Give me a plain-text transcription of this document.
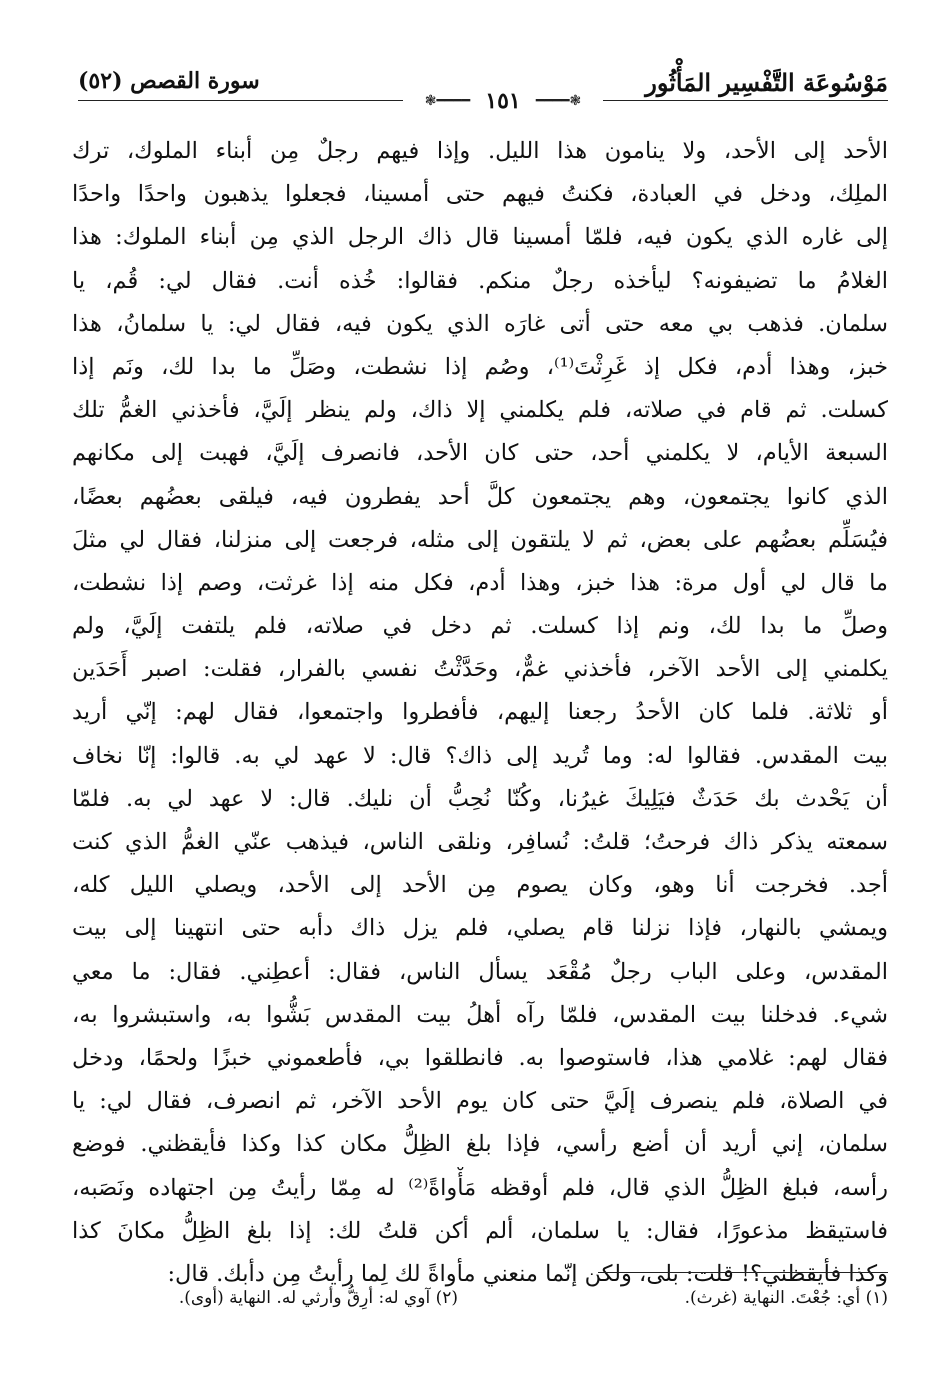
مَوْسُوعَة التَّفْسِير المَأْثُور
سورة القصص (٥٢)
❃━━━━ ١٥١ ━━━━❃
الأحد إلى الأحد، ولا ينامون هذا الليل. وإذا فيهم رجلٌ مِن أبناء الملوك، ترك
الملِك، ودخل في العبادة، فكنتُ فيهم حتى أمسينا، فجعلوا يذهبون واحدًا واحدًا
إلى غاره الذي يكون فيه، فلمّا أمسينا قال ذاك الرجل الذي مِن أبناء الملوك: هذا
الغلامُ ما تضيفونه؟ ليأخذه رجلٌ منكم. فقالوا: خُذه أنت. فقال لي: قُم، يا
سلمان. فذهب بي معه حتى أتى غارَه الذي يكون فيه، فقال لي: يا سلمانُ، هذا
خبز، وهذا أدم، فكل إذ غَرِثْتَ⁽¹⁾، وصُم إذا نشطت، وصَلِّ ما بدا لك، ونَم إذا
كسلت. ثم قام في صلاته، فلم يكلمني إلا ذاك، ولم ينظر إلَيَّ، فأخذني الغمُّ تلك
السبعة الأيام، لا يكلمني أحد، حتى كان الأحد، فانصرف إلَيَّ، فهبت إلى مكانهم
الذي كانوا يجتمعون، وهم يجتمعون كلَّ أحد يفطرون فيه، فيلقى بعضُهم بعضًا،
فيُسَلِّم بعضُهم على بعض، ثم لا يلتقون إلى مثله، فرجعت إلى منزلنا، فقال لي مثلَ
ما قال لي أول مرة: هذا خبز، وهذا أدم، فكل منه إذا غرثت، وصم إذا نشطت،
وصلِّ ما بدا لك، ونم إذا كسلت. ثم دخل في صلاته، فلم يلتفت إلَيَّ، ولم
يكلمني إلى الأحد الآخر، فأخذني غمٌّ، وحَدَّثْتُ نفسي بالفرار، فقلت: اصبر أَحَدَين
أو ثلاثة. فلما كان الأحدُ رجعنا إليهم، فأفطروا واجتمعوا، فقال لهم: إنّي أريد
بيت المقدس. فقالوا له: وما تُريد إلى ذاك؟ قال: لا عهد لي به. قالوا: إنّا نخاف
أن يَحْدث بك حَدَثٌ فيَلِيكَ غيرُنا، وكُنّا نُحِبُّ أن نليك. قال: لا عهد لي به. فلمّا
سمعته يذكر ذاك فرحتُ؛ قلتُ: نُسافِر، ونلقى الناس، فيذهب عنّي الغمُّ الذي كنت
أجد. فخرجت أنا وهو، وكان يصوم مِن الأحد إلى الأحد، ويصلي الليل كله،
ويمشي بالنهار، فإذا نزلنا قام يصلي، فلم يزل ذاك دأبه حتى انتهينا إلى بيت
المقدس، وعلى الباب رجلٌ مُقْعَد يسأل الناس، فقال: أعطِني. فقال: ما معي
شيء. فدخلنا بيت المقدس، فلمّا رآه أهلُ بيت المقدس بَشُّوا به، واستبشروا به،
فقال لهم: غلامي هذا، فاستوصوا به. فانطلقوا بي، فأطعموني خبزًا ولحمًا، ودخل
في الصلاة، فلم ينصرف إلَيَّ حتى كان يوم الأحد الآخر، ثم انصرف، فقال لي: يا
سلمان، إني أريد أن أضع رأسي، فإذا بلغ الظِلُّ مكان كذا وكذا فأيقظني. فوضع
رأسه، فبلغ الظِلُّ الذي قال، فلم أوقظه مَأْواةً⁽²⁾ له مِمّا رأيتُ مِن اجتهاده ونَصَبه،
فاستيقظ مذعورًا، فقال: يا سلمان، ألم أكن قلتُ لك: إذا بلغ الظِلُّ مكانَ كذا
وكذا فأيقظني؟! قلت: بلى، ولكن إنّما منعني مأواةً لك لِما رأيتُ مِن دأبك. قال:
(١) أي: جُعْتَ. النهاية (غرث).
(٢) آوي له: أرِقُّ وأرثي له. النهاية (أوى).
